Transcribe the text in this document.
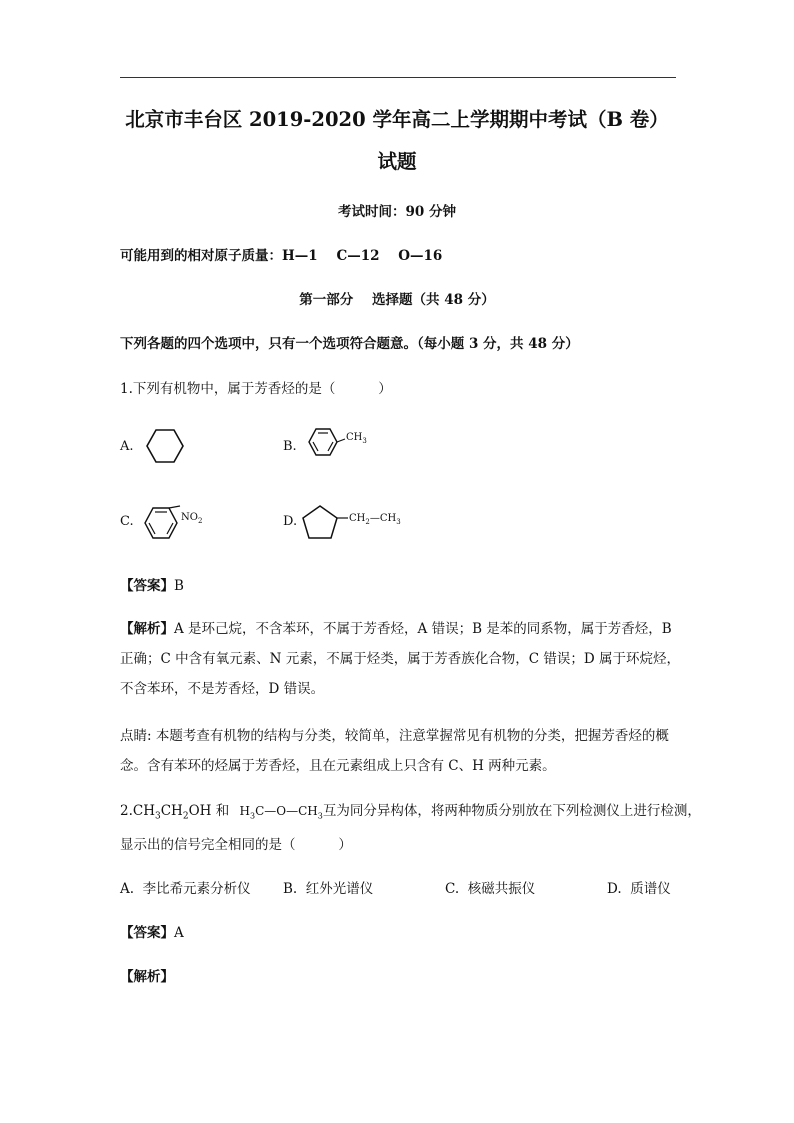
北京市丰台区 2019-2020 学年高二上学期期中考试（B 卷）
试题
考试时间：90 分钟
可能用到的相对原子质量：H—1    C—12    O—16
第一部分    选择题（共 48 分）
下列各题的四个选项中，只有一个选项符合题意。（每小题 3 分，共 48 分）
1.下列有机物中，属于芳香烃的是（          ）
A.	B.
$CH_3$
C.	$NO_2$	D.	$CH_2—CH_3$
【答案】B
【解析】A 是环己烷，不含苯环，不属于芳香烃，A 错误；B 是苯的同系物，属于芳香烃，B 正确；C 中含有氧元素、N 元素，不属于烃类，属于芳香族化合物，C 错误；D 属于环烷烃，不含苯环，不是芳香烃，D 错误。
点睛: 本题考查有机物的结构与分类，较简单，注意掌握常见有机物的分类，把握芳香烃的概念。含有苯环的烃属于芳香烃，且在元素组成上只含有 C、H 两种元素。
$2.CH_3CH_2OH$ 和 $H_3C—O—CH_3$互为同分异构体，将两种物质分别放在下列检测仪上进行检测，
显示出的信号完全相同的是（          ）
A.  李比希元素分析仪 B.  红外光谱仪	C.  核磁共振仪	D.  质谱仪
【答案】A
【解析】
